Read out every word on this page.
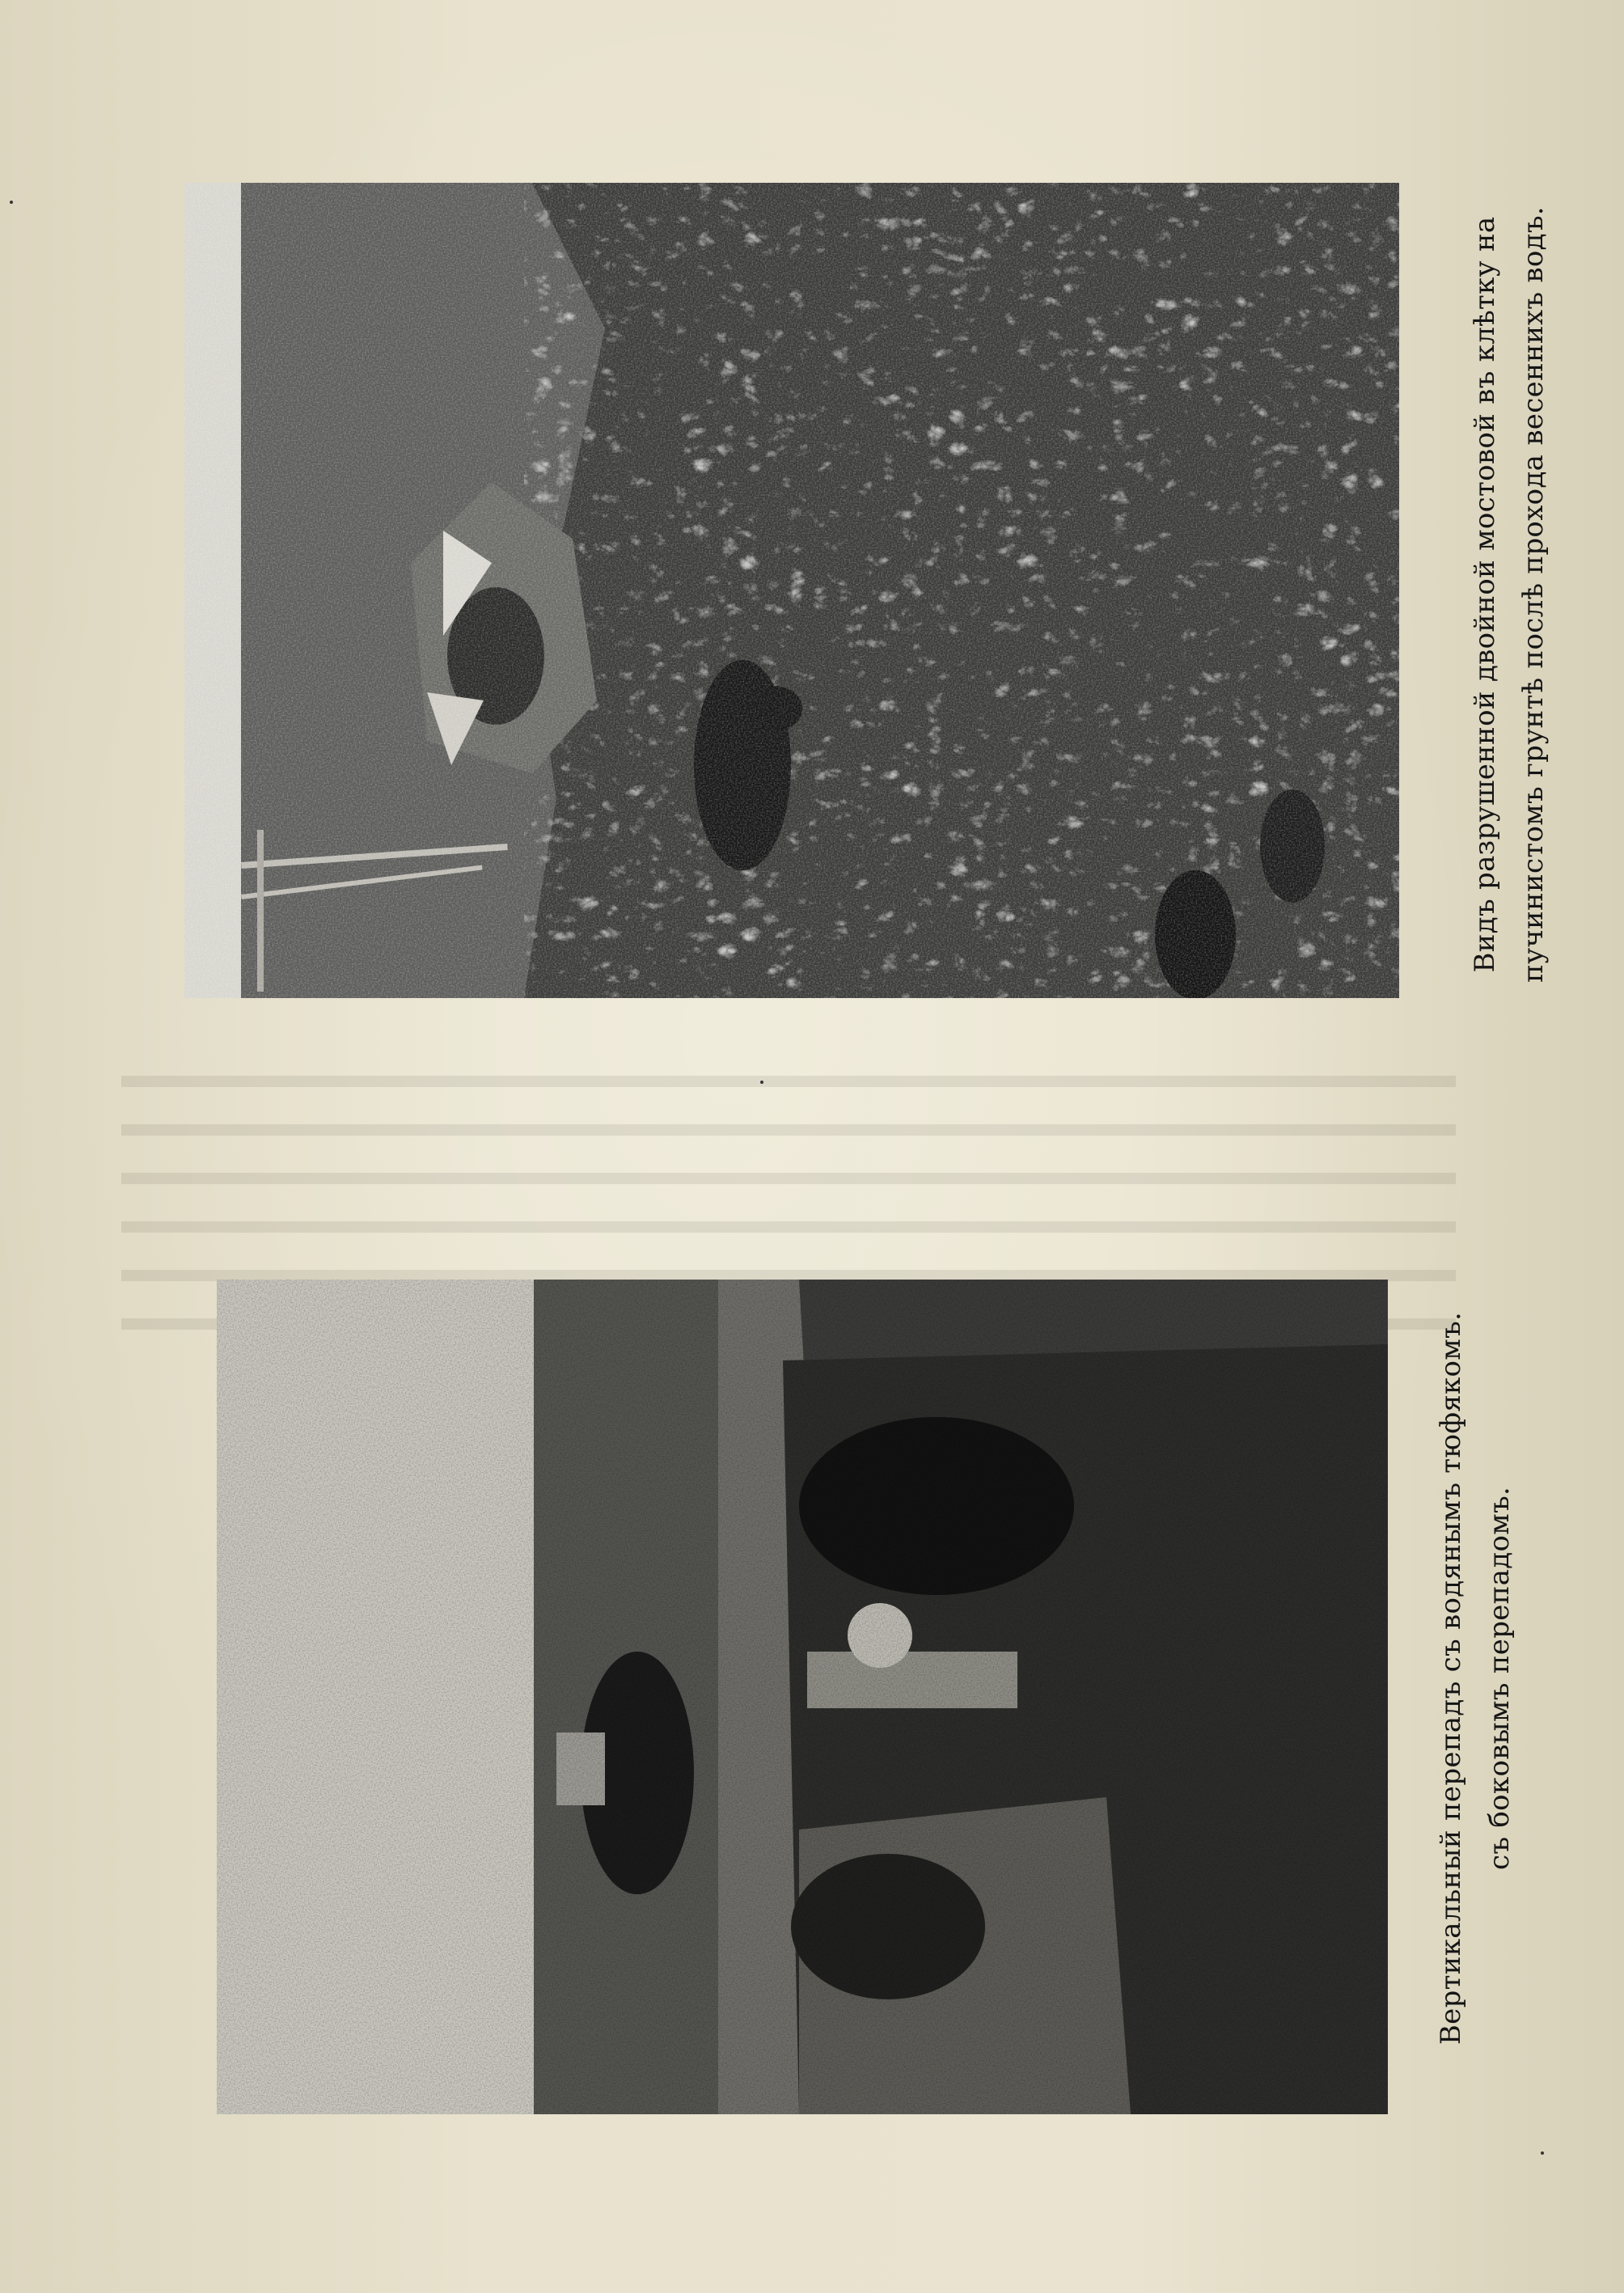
Видъ разрушенной двойной мостовой въ клѣтку на пучинистомъ грунтѣ послѣ прохода весеннихъ водъ.
Вертикальный перепадъ съ водянымъ тюфякомъ. съ боковымъ перепадомъ.
